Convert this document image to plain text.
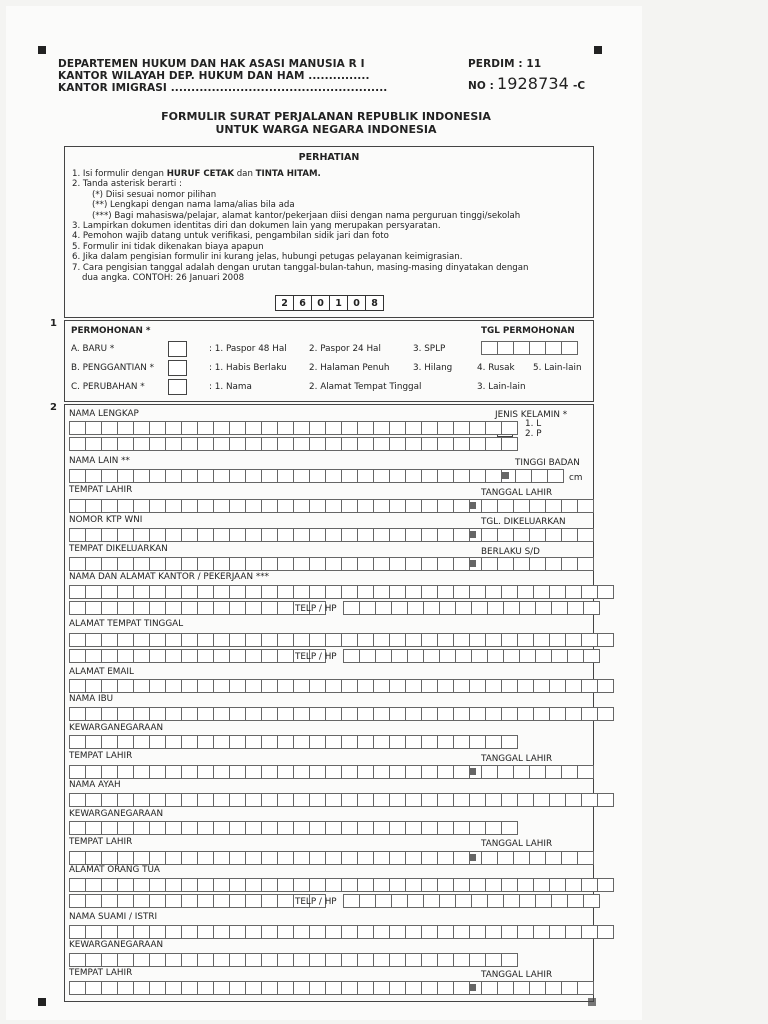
DEPARTEMEN HUKUM DAN HAK ASASI MANUSIA R I
KANTOR WILAYAH DEP. HUKUM DAN HAM ...............
KANTOR IMIGRASI .....................................................
PERDIM : 11
NO : 1928734 -C
FORMULIR SURAT PERJALANAN REPUBLIK INDONESIA
UNTUK WARGA NEGARA INDONESIA
PERHATIAN
1. Isi formulir dengan HURUF CETAK dan TINTA HITAM.
2. Tanda asterisk berarti :
(*) Diisi sesuai nomor pilihan
(**) Lengkapi dengan nama lama/alias bila ada
(***) Bagi mahasiswa/pelajar, alamat kantor/pekerjaan diisi dengan nama perguruan tinggi/sekolah
3. Lampirkan dokumen identitas diri dan dokumen lain yang merupakan persyaratan.
4. Pemohon wajib datang untuk verifikasi, pengambilan sidik jari dan foto
5. Formulir ini tidak dikenakan biaya apapun
6. Jika dalam pengisian formulir ini kurang jelas, hubungi petugas pelayanan keimigrasian.
7. Cara pengisian tanggal adalah dengan urutan tanggal-bulan-tahun, masing-masing dinyatakan dengan
dua angka. CONTOH: 26 Januari 2008
2	6	0	1	0	8
1
PERMOHONAN *	TGL PERMOHONAN
A. BARU *	: 1. Paspor 48 Hal	2. Paspor 24 Hal	3. SPLP
B. PENGGANTIAN *	: 1. Habis Berlaku	2. Halaman Penuh	3. Hilang	4. Rusak 5. Lain-lain
C. PERUBAHAN *	: 1. Nama	2. Alamat Tempat Tinggal	3. Lain-lain
2
NAMA LENGKAP	JENIS KELAMIN *
1. L
2. P
NAMA LAIN **	TINGGI BADAN
cm
TEMPAT LAHIR	TANGGAL LAHIR
NOMOR KTP WNI	TGL. DIKELUARKAN
TEMPAT DIKELUARKAN	BERLAKU S/D
NAMA DAN ALAMAT KANTOR / PEKERJAAN ***
TELP / HP
ALAMAT TEMPAT TINGGAL
TELP / HP
ALAMAT EMAIL
NAMA IBU
KEWARGANEGARAAN
TEMPAT LAHIR	TANGGAL LAHIR
NAMA AYAH
KEWARGANEGARAAN
TEMPAT LAHIR	TANGGAL LAHIR
ALAMAT ORANG TUA
TELP / HP
NAMA SUAMI / ISTRI
KEWARGANEGARAAN
TEMPAT LAHIR	TANGGAL LAHIR
